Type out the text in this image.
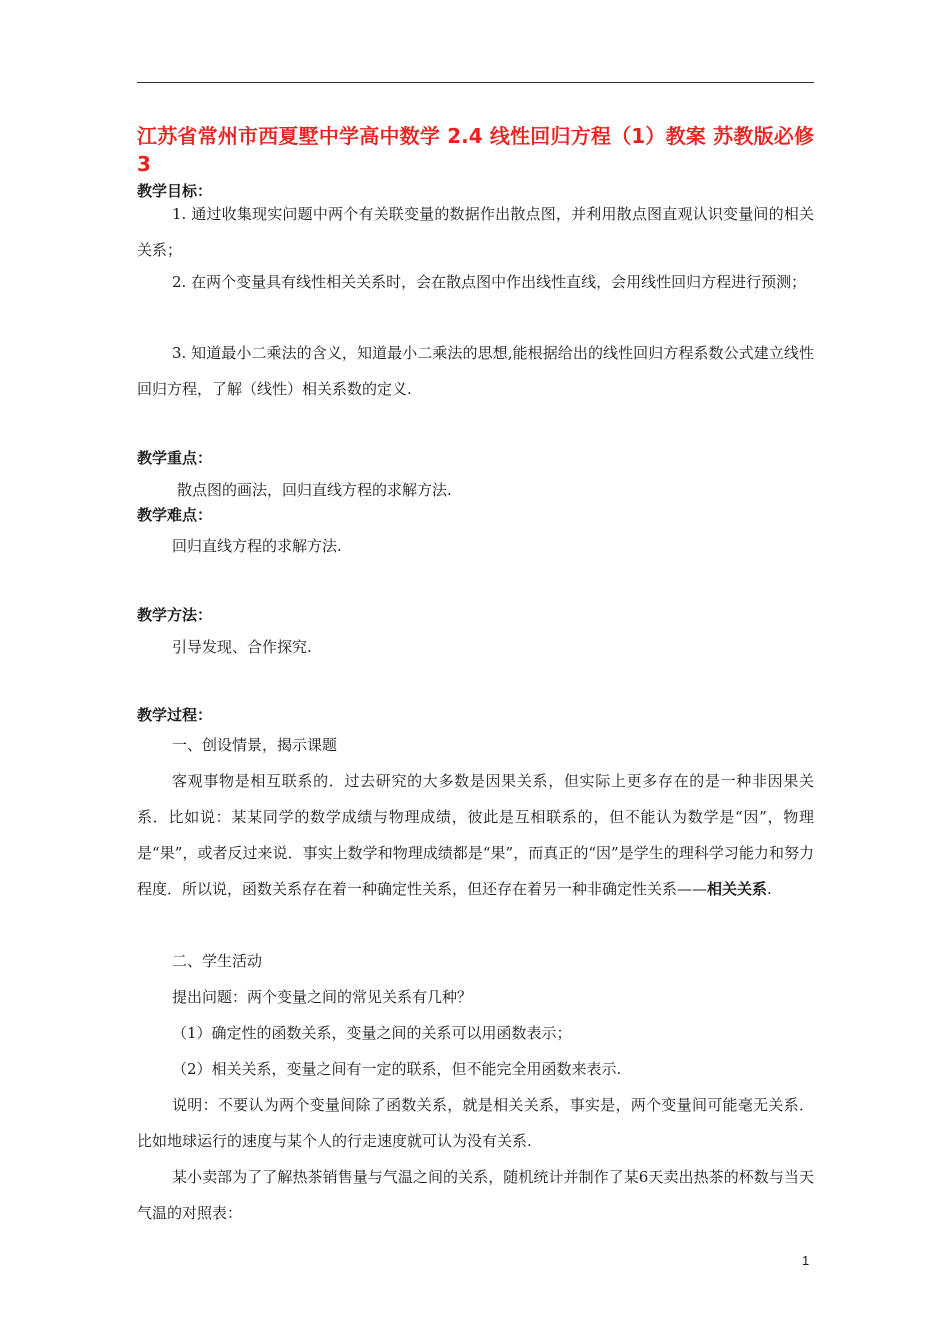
江苏省常州市西夏墅中学高中数学 2.4 线性回归方程（1）教案 苏教版必修3
教学目标：

1. 通过收集现实问题中两个有关联变量的数据作出散点图，并利用散点图直观认识变量间的相关关系；

2. 在两个变量具有线性相关关系时，会在散点图中作出线性直线，会用线性回归方程进行预测；

3. 知道最小二乘法的含义，知道最小二乘法的思想,能根据给出的线性回归方程系数公式建立线性回归方程，了解（线性）相关系数的定义.

教学重点：

散点图的画法，回归直线方程的求解方法.

教学难点：

回归直线方程的求解方法.

教学方法：

引导发现、合作探究.

教学过程：

一、创设情景，揭示课题

客观事物是相互联系的．过去研究的大多数是因果关系，但实际上更多存在的是一种非因果关系．比如说：某某同学的数学成绩与物理成绩，彼此是互相联系的，但不能认为数学是“因”，物理是“果”，或者反过来说．事实上数学和物理成绩都是“果”，而真正的“因”是学生的理科学习能力和努力程度．所以说，函数关系存在着一种确定性关系，但还存在着另一种非确定性关系——相关关系.

二、学生活动

提出问题：两个变量之间的常见关系有几种？

（1）确定性的函数关系，变量之间的关系可以用函数表示；

（2）相关关系，变量之间有一定的联系，但不能完全用函数来表示.

说明：不要认为两个变量间除了函数关系，就是相关关系，事实是，两个变量间可能毫无关系．比如地球运行的速度与某个人的行走速度就可认为没有关系.

某小卖部为了了解热茶销售量与气温之间的关系，随机统计并制作了某6天卖出热茶的杯数与当天气温的对照表：

1
